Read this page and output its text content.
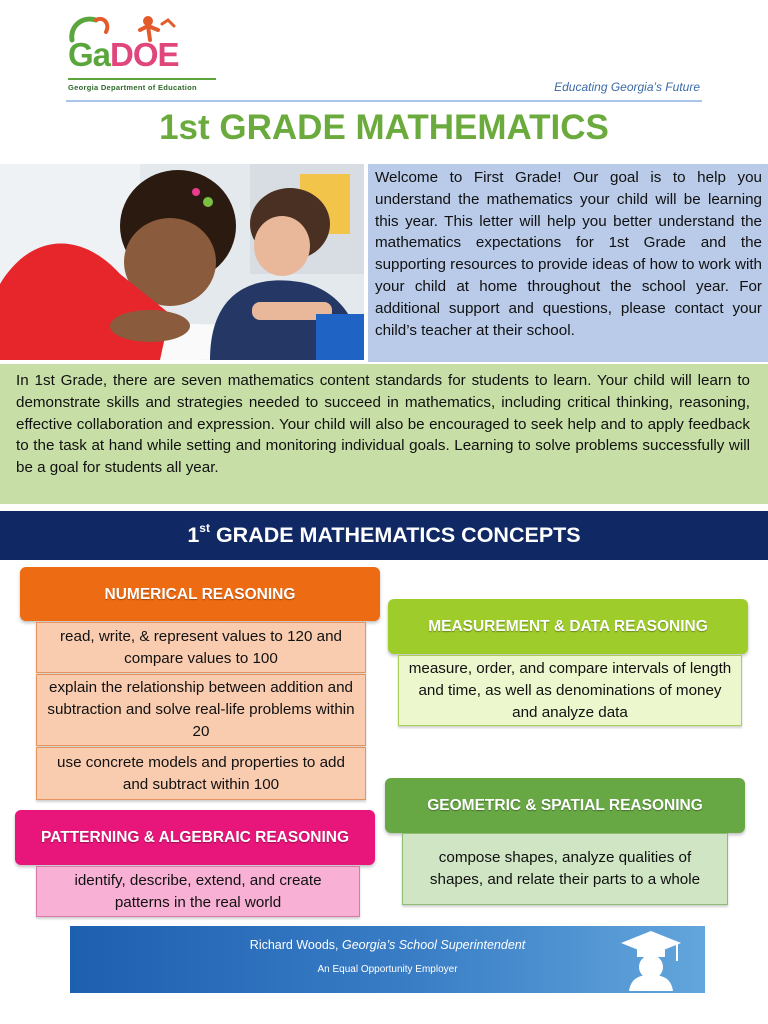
GaDOE
Georgia Department of Education	Educating Georgia’s Future
1st GRADE MATHEMATICS
Welcome to First Grade! Our goal is to help you understand the mathematics your child will be learning this year. This letter will help you better understand the mathematics expectations for 1st Grade and the supporting resources to provide ideas of how to work with your child at home throughout the school year. For additional support and questions, please contact your child’s teacher at their school.
In 1st Grade, there are seven mathematics content standards for students to learn. Your child will learn to demonstrate skills and strategies needed to succeed in mathematics, including critical thinking, reasoning, effective collaboration and expression. Your child will also be encouraged to seek help and to apply feedback to the task at hand while setting and monitoring individual goals. Learning to solve problems successfully will be a goal for students all year.
1st GRADE MATHEMATICS CONCEPTS
NUMERICAL REASONING
read, write, & represent values to 120 and compare values to 100
explain the relationship between addition and subtraction and solve real-life problems within 20
use concrete models and properties to add and subtract within 100
PATTERNING & ALGEBRAIC REASONING
identify, describe, extend, and create patterns in the real world
MEASUREMENT & DATA REASONING
measure, order, and compare intervals of length and time, as well as denominations of money and analyze data
GEOMETRIC & SPATIAL REASONING
compose shapes, analyze qualities of shapes, and relate their parts to a whole
Richard Woods, Georgia’s School Superintendent
An Equal Opportunity Employer
